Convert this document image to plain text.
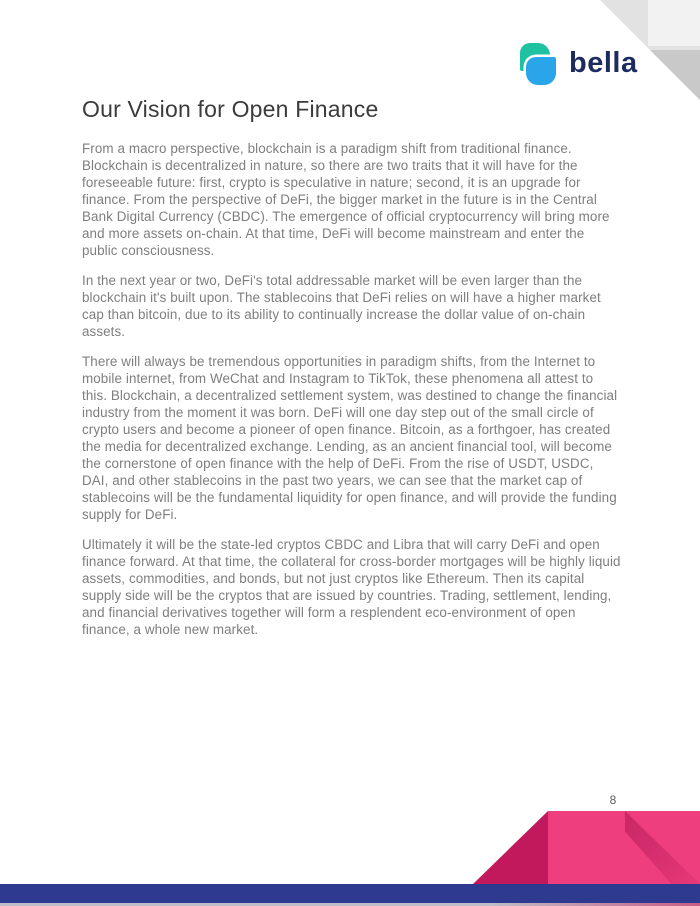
bella
Our Vision for Open Finance

From a macro perspective, blockchain is a paradigm shift from traditional finance. Blockchain is decentralized in nature, so there are two traits that it will have for the foreseeable future: first, crypto is speculative in nature; second, it is an upgrade for finance. From the perspective of DeFi, the bigger market in the future is in the Central Bank Digital Currency (CBDC). The emergence of official cryptocurrency will bring more and more assets on-chain. At that time, DeFi will become mainstream and enter the public consciousness.

In the next year or two, DeFi's total addressable market will be even larger than the blockchain it's built upon. The stablecoins that DeFi relies on will have a higher market cap than bitcoin, due to its ability to continually increase the dollar value of on-chain assets.

There will always be tremendous opportunities in paradigm shifts, from the Internet to mobile internet, from WeChat and Instagram to TikTok, these phenomena all attest to this. Blockchain, a decentralized settlement system, was destined to change the financial industry from the moment it was born. DeFi will one day step out of the small circle of crypto users and become a pioneer of open finance. Bitcoin, as a forthgoer, has created the media for decentralized exchange. Lending, as an ancient financial tool, will become the cornerstone of open finance with the help of DeFi. From the rise of USDT, USDC, DAI, and other stablecoins in the past two years, we can see that the market cap of stablecoins will be the fundamental liquidity for open finance, and will provide the funding supply for DeFi.

Ultimately it will be the state-led cryptos CBDC and Libra that will carry DeFi and open finance forward. At that time, the collateral for cross-border mortgages will be highly liquid assets, commodities, and bonds, but not just cryptos like Ethereum. Then its capital supply side will be the cryptos that are issued by countries. Trading, settlement, lending, and financial derivatives together will form a resplendent eco-environment of open finance, a whole new market.

8
